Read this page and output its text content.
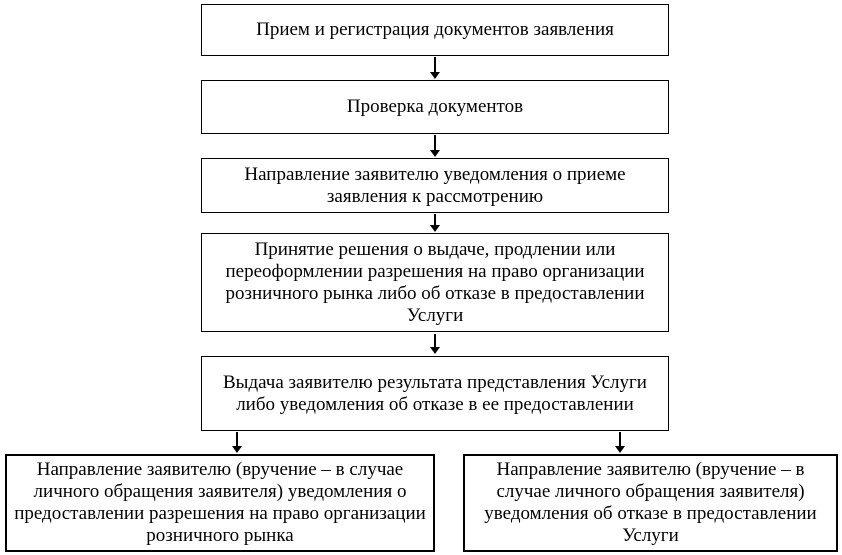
Прием и регистрация документов заявления
Проверка документов
Направление заявителю уведомления о приеме заявления к рассмотрению
Принятие решения о выдаче, продлении или переоформлении разрешения на право организации розничного рынка либо об отказе в предоставлении Услуги
Выдача заявителю результата представления Услуги либо уведомления об отказе в ее предоставлении
Направление заявителю (вручение – в случае личного обращения заявителя) уведомления о предоставлении разрешения на право организации розничного рынка
Направление заявителю (вручение – в случае личного обращения заявителя) уведомления об отказе в предоставлении Услуги
